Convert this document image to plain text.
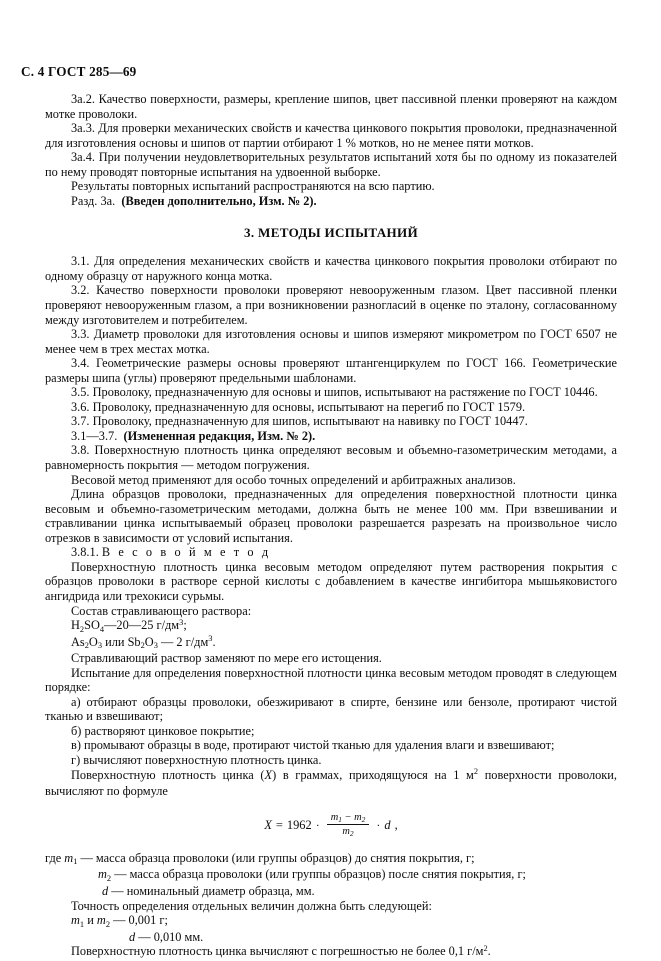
С. 4 ГОСТ 285—69

3а.2. Качество поверхности, размеры, крепление шипов, цвет пассивной пленки проверяют на каждом мотке проволоки.

3а.3. Для проверки механических свойств и качества цинкового покрытия проволоки, предназначенной для изготовления основы и шипов от партии отбирают 1 % мотков, но не менее пяти мотков.

3а.4. При получении неудовлетворительных результатов испытаний хотя бы по одному из показателей по нему проводят повторные испытания на удвоенной выборке.

Результаты повторных испытаний распространяются на всю партию.

Разд. 3а. (Введен дополнительно, Изм. № 2).

3. МЕТОДЫ ИСПЫТАНИЙ

3.1. Для определения механических свойств и качества цинкового покрытия проволоки отбирают по одному образцу от наружного конца мотка.

3.2. Качество поверхности проволоки проверяют невооруженным глазом. Цвет пассивной пленки проверяют невооруженным глазом, а при возникновении разногласий в оценке по эталону, согласованному между изготовителем и потребителем.

3.3. Диаметр проволоки для изготовления основы и шипов измеряют микрометром по ГОСТ 6507 не менее чем в трех местах мотка.

3.4. Геометрические размеры основы проверяют штангенциркулем по ГОСТ 166. Геометрические размеры шипа (углы) проверяют предельными шаблонами.

3.5. Проволоку, предназначенную для основы и шипов, испытывают на растяжение по ГОСТ 10446.

3.6. Проволоку, предназначенную для основы, испытывают на перегиб по ГОСТ 1579.

3.7. Проволоку, предназначенную для шипов, испытывают на навивку по ГОСТ 10447.

3.1—3.7. (Измененная редакция, Изм. № 2).

3.8. Поверхностную плотность цинка определяют весовым и объемно-газометрическим методами, а равномерность покрытия — методом погружения.

Весовой метод применяют для особо точных определений и арбитражных анализов.

Длина образцов проволоки, предназначенных для определения поверхностной плотности цинка весовым и объемно-газометрическим методами, должна быть не менее 100 мм. При взвешивании и стравливании цинка испытываемый образец проволоки разрешается разрезать на произвольное число отрезков в зависимости от условий испытания.

3.8.1. В е с о в о й м е т о д

Поверхностную плотность цинка весовым методом определяют путем растворения покрытия с образцов проволоки в растворе серной кислоты с добавлением в качестве ингибитора мышьяковистого ангидрида или трехокиси сурьмы.

Состав стравливающего раствора:

$H_2SO_4—20—25$ $г/дм^3$;

$As_2O_3$ или $Sb_2O_3$ — 2 $г/дм^3$.

Стравливающий раствор заменяют по мере его истощения.

Испытание для определения поверхностной плотности цинка весовым методом проводят в следующем порядке:

а) отбирают образцы проволоки, обезжиривают в спирте, бензине или бензоле, протирают чистой тканью и взвешивают;

б) растворяют цинковое покрытие;

в) промывают образцы в воде, протирают чистой тканью для удаления влаги и взвешивают;

г) вычисляют поверхностную плотность цинка.

Поверхностную плотность цинка (X) в граммах, приходящуюся на 1 $м^2$ поверхности проволоки, вычисляют по формуле

$X = 1962 \cdot \frac{m_1 - m_2}{m_2} \cdot d$ ,

где $m_1$ — масса образца проволоки (или группы образцов) до снятия покрытия, г;

$m_2$ — масса образца проволоки (или группы образцов) после снятия покрытия, г;

d — номинальный диаметр образца, мм.

Точность определения отдельных величин должна быть следующей:

$m_1$ и $m_2$ — 0,001 г;

d — 0,010 мм.

Поверхностную плотность цинка вычисляют с погрешностью не более 0,1 $г/м^2$.
